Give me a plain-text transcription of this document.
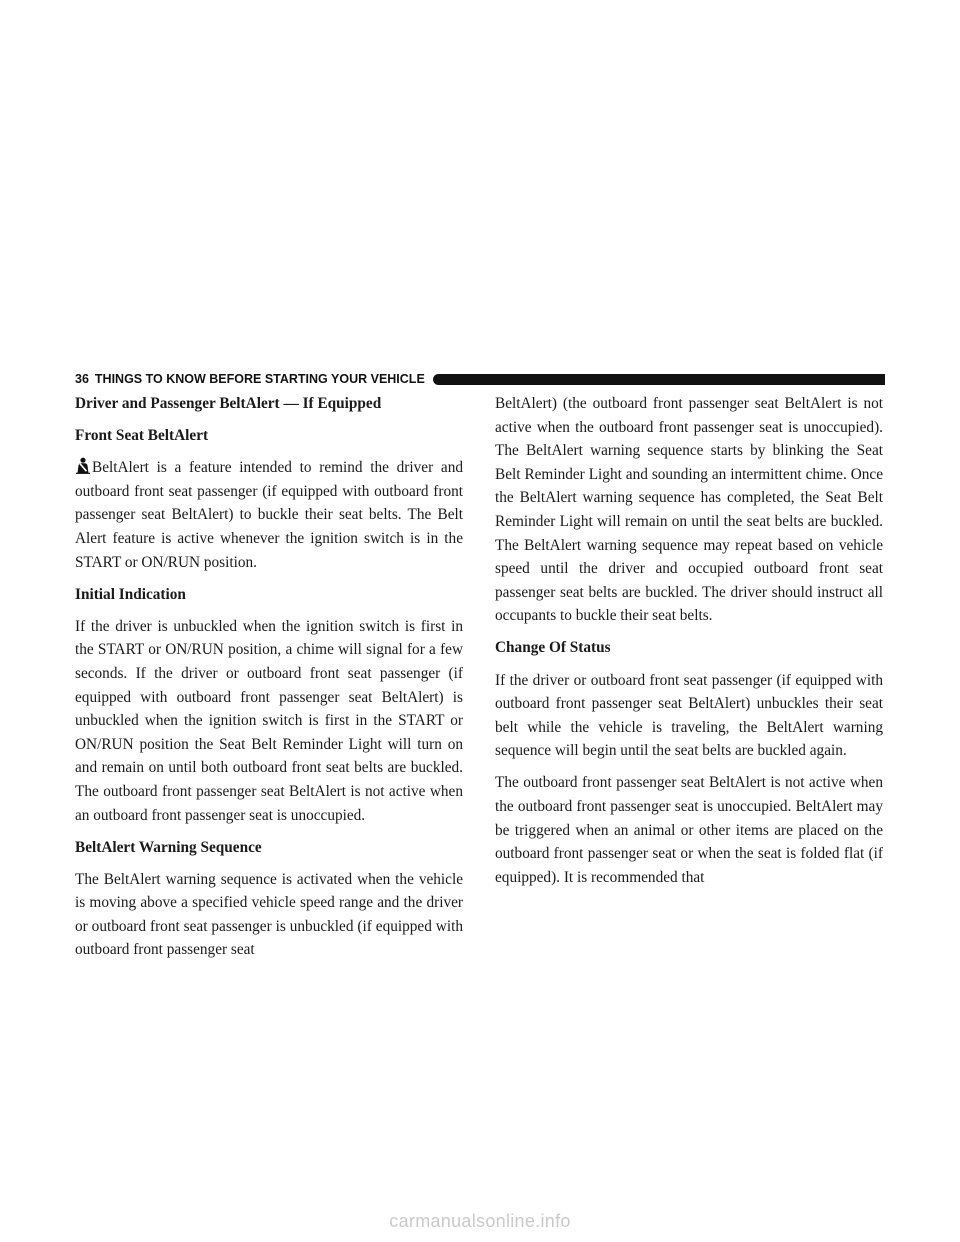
36 THINGS TO KNOW BEFORE STARTING YOUR VEHICLE
Driver and Passenger BeltAlert — If Equipped
Front Seat BeltAlert

BeltAlert is a feature intended to remind the driver and outboard front seat passenger (if equipped with outboard front passenger seat BeltAlert) to buckle their seat belts. The Belt Alert feature is active whenever the ignition switch is in the START or ON/RUN position.

Initial Indication

If the driver is unbuckled when the ignition switch is first in the START or ON/RUN position, a chime will signal for a few seconds. If the driver or outboard front seat passenger (if equipped with outboard front passenger seat BeltAlert) is unbuckled when the ignition switch is first in the START or ON/RUN position the Seat Belt Reminder Light will turn on and remain on until both outboard front seat belts are buckled. The outboard front passenger seat BeltAlert is not active when an outboard front passenger seat is unoccupied.

BeltAlert Warning Sequence

The BeltAlert warning sequence is activated when the vehicle is moving above a specified vehicle speed range and the driver or outboard front seat passenger is unbuckled (if equipped with outboard front passenger seat

BeltAlert) (the outboard front passenger seat BeltAlert is not active when the outboard front passenger seat is unoccupied). The BeltAlert warning sequence starts by blinking the Seat Belt Reminder Light and sounding an intermittent chime. Once the BeltAlert warning sequence has completed, the Seat Belt Reminder Light will remain on until the seat belts are buckled. The BeltAlert warning sequence may repeat based on vehicle speed until the driver and occupied outboard front seat passenger seat belts are buckled. The driver should instruct all occupants to buckle their seat belts.

Change Of Status

If the driver or outboard front seat passenger (if equipped with outboard front passenger seat BeltAlert) unbuckles their seat belt while the vehicle is traveling, the BeltAlert warning sequence will begin until the seat belts are buckled again.

The outboard front passenger seat BeltAlert is not active when the outboard front passenger seat is unoccupied. BeltAlert may be triggered when an animal or other items are placed on the outboard front passenger seat or when the seat is folded flat (if equipped). It is recommended that

carmanualsonline.info
